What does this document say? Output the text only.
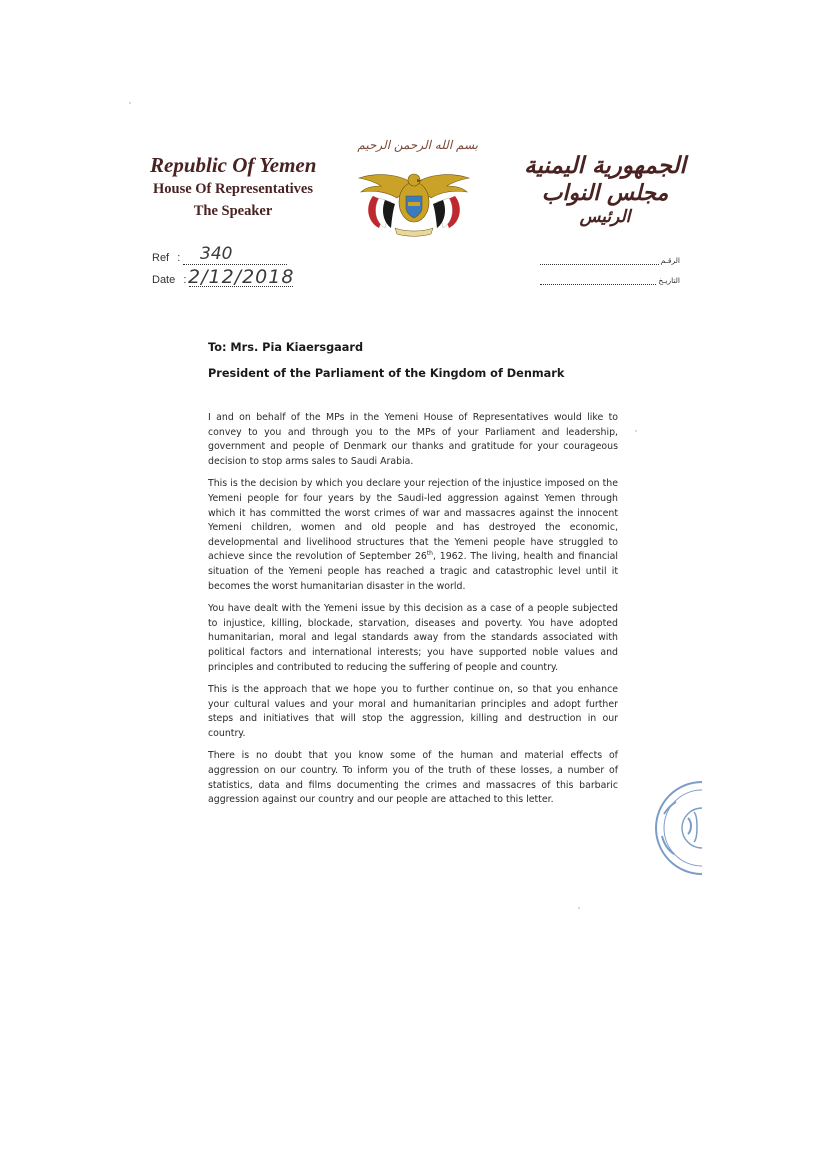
Republic Of Yemen
House Of Representatives
The Speaker
بسم الله الرحمن الرحيم
الجمهورية اليمنية
مجلس النواب
الرئيس
Ref : 340
Date : 2/12/2018
الرقـم
التاريـخ
To: Mrs. Pia Kiaersgaard
President of the Parliament of the Kingdom of Denmark

I and on behalf of the MPs in the Yemeni House of Representatives would like to convey to you and through you to the MPs of your Parliament and leadership, government and people of Denmark our thanks and gratitude for your courageous decision to stop arms sales to Saudi Arabia.

This is the decision by which you declare your rejection of the injustice imposed on the Yemeni people for four years by the Saudi-led aggression against Yemen through which it has committed the worst crimes of war and massacres against the innocent Yemeni children, women and old people and has destroyed the economic, developmental and livelihood structures that the Yemeni people have struggled to achieve since the revolution of September 26th, 1962. The living, health and financial situation of the Yemeni people has reached a tragic and catastrophic level until it becomes the worst humanitarian disaster in the world.

You have dealt with the Yemeni issue by this decision as a case of a people subjected to injustice, killing, blockade, starvation, diseases and poverty. You have adopted humanitarian, moral and legal standards away from the standards associated with political factors and international interests; you have supported noble values and principles and contributed to reducing the suffering of people and country.

This is the approach that we hope you to further continue on, so that you enhance your cultural values and your moral and humanitarian principles and adopt further steps and initiatives that will stop the aggression, killing and destruction in our country.

There is no doubt that you know some of the human and material effects of aggression on our country. To inform you of the truth of these losses, a number of statistics, data and films documenting the crimes and massacres of this barbaric aggression against our country and our people are attached to this letter.
